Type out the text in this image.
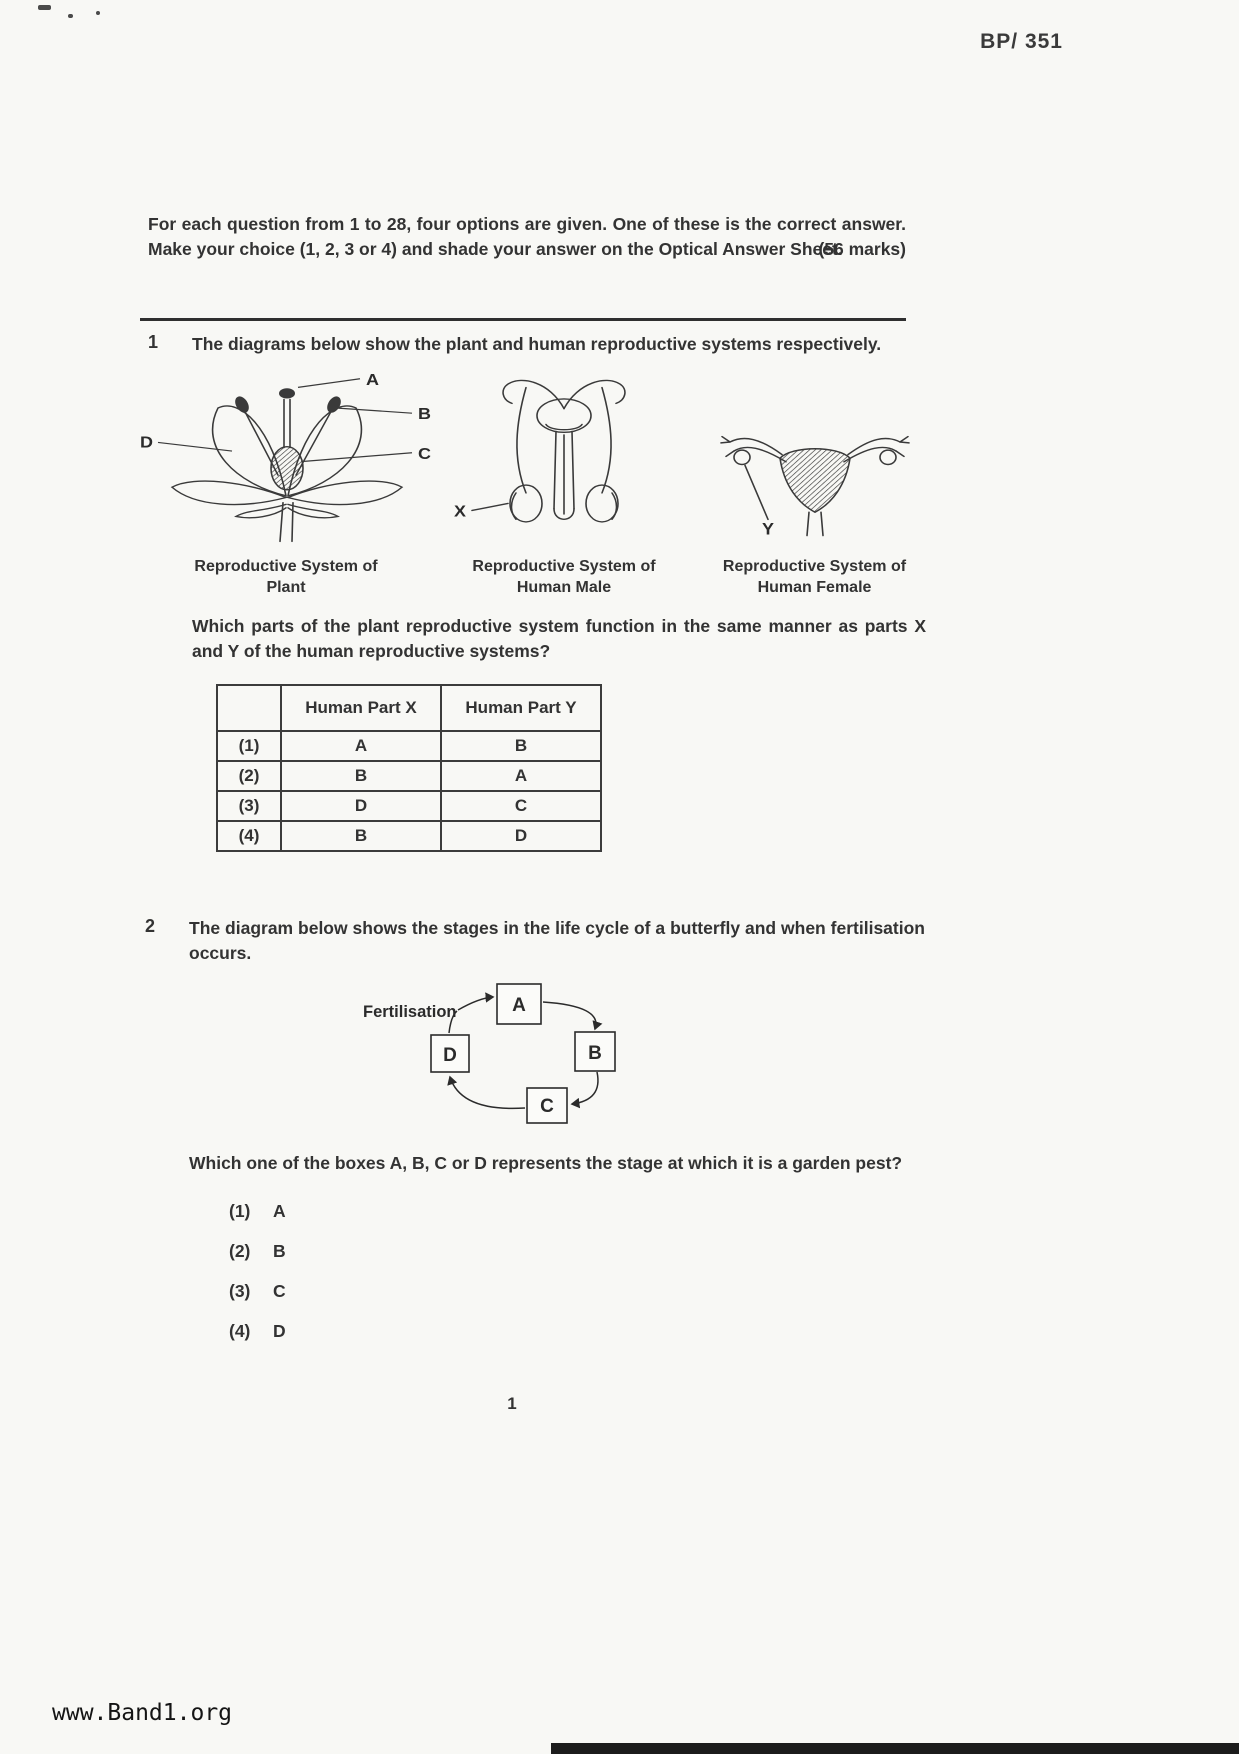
BP/ 351
For each question from 1 to 28, four options are given. One of these is the correct answer. Make your choice (1, 2, 3 or 4) and shade your answer on the Optical Answer Sheet.
(56 marks)
1	The diagrams below show the plant and human reproductive systems respectively.

A
B
C
D
Reproductive System of Plant
X
Reproductive System of Human Male
Y
Reproductive System of Human Female

Which parts of the plant reproductive system function in the same manner as parts X and Y of the human reproductive systems?

	Human Part X	Human Part Y
(1)	A	B
(2)	B	A
(3)	D	C
(4)	B	D
2	The diagram below shows the stages in the life cycle of a butterfly and when fertilisation occurs.

A
B
C
D
Fertilisation

Which one of the boxes A, B, C or D represents the stage at which it is a garden pest?

(1)	A
(2)	B
(3)	C
(4)	D
1
www.Band1.org
